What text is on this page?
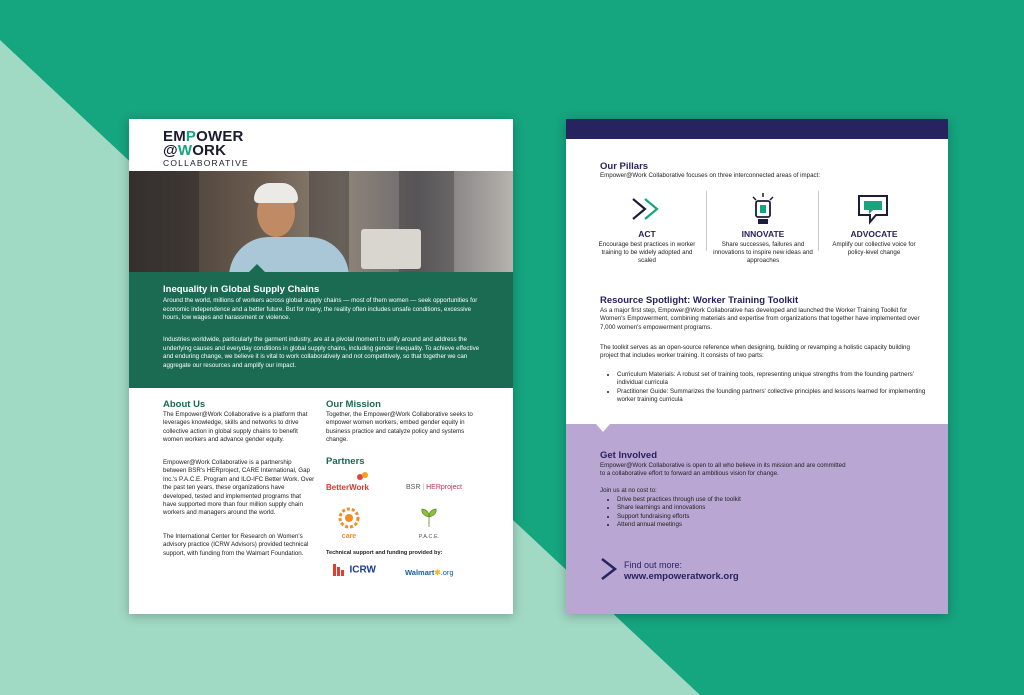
EMPOWER
@WORK
COLLABORATIVE
Inequality in Global Supply Chains
Around the world, millions of workers across global supply chains — most of them women — seek opportunities for economic independence and a better future. But for many, the reality often includes unsafe conditions, excessive hours, low wages and harassment or violence.
Industries worldwide, particularly the garment industry, are at a pivotal moment to unify around and address the underlying causes and everyday conditions in global supply chains, including gender inequality. To achieve effective and enduring change, we believe it is vital to work collaboratively and not competitively, so that together we can aggregate our resources and amplify our impact.
About Us
The Empower@Work Collaborative is a platform that leverages knowledge, skills and networks to drive collective action in global supply chains to benefit women workers and advance gender equity.
Empower@Work Collaborative is a partnership between BSR's HERproject, CARE International, Gap Inc.'s P.A.C.E. Program and ILO-IFC Better Work. Over the past ten years, these organizations have developed, tested and implemented programs that have supported more than four million supply chain workers and managers around the world.
The International Center for Research on Women's advisory practice (ICRW Advisors) provided technical support, with funding from the Walmart Foundation.
Our Mission
Together, the Empower@Work Collaborative seeks to empower women workers, embed gender equity in business practice and catalyze policy and systems change.
Partners
BetterWork	BSR | HERproject
care	P.A.C.E.
Technical support and funding provided by:
ICRW	Walmart✱.org
Our Pillars
Empower@Work Collaborative focuses on three interconnected areas of impact:
ACT
Encourage best practices in worker training to be widely adopted and scaled
INNOVATE
Share successes, failures and innovations to inspire new ideas and approaches
ADVOCATE
Amplify our collective voice for policy-level change
Resource Spotlight: Worker Training Toolkit
As a major first step, Empower@Work Collaborative has developed and launched the Worker Training Toolkit for Women's Empowerment, combining materials and expertise from organizations that together have implemented over 7,000 women's empowerment programs.
The toolkit serves as an open-source reference when designing, building or revamping a holistic capacity building project that includes worker training. It consists of two parts:
• Curriculum Materials: A robust set of training tools, representing unique strengths from the founding partners' individual curricula
• Practitioner Guide: Summarizes the founding partners' collective principles and lessons learned for implementing worker training curricula
Get Involved
Empower@Work Collaborative is open to all who believe in its mission and are committed to a collaborative effort to forward an ambitious vision for change.
Join us at no cost to:
• Drive best practices through use of the toolkit
• Share learnings and innovations
• Support fundraising efforts
• Attend annual meetings
Find out more:
www.empoweratwork.org
